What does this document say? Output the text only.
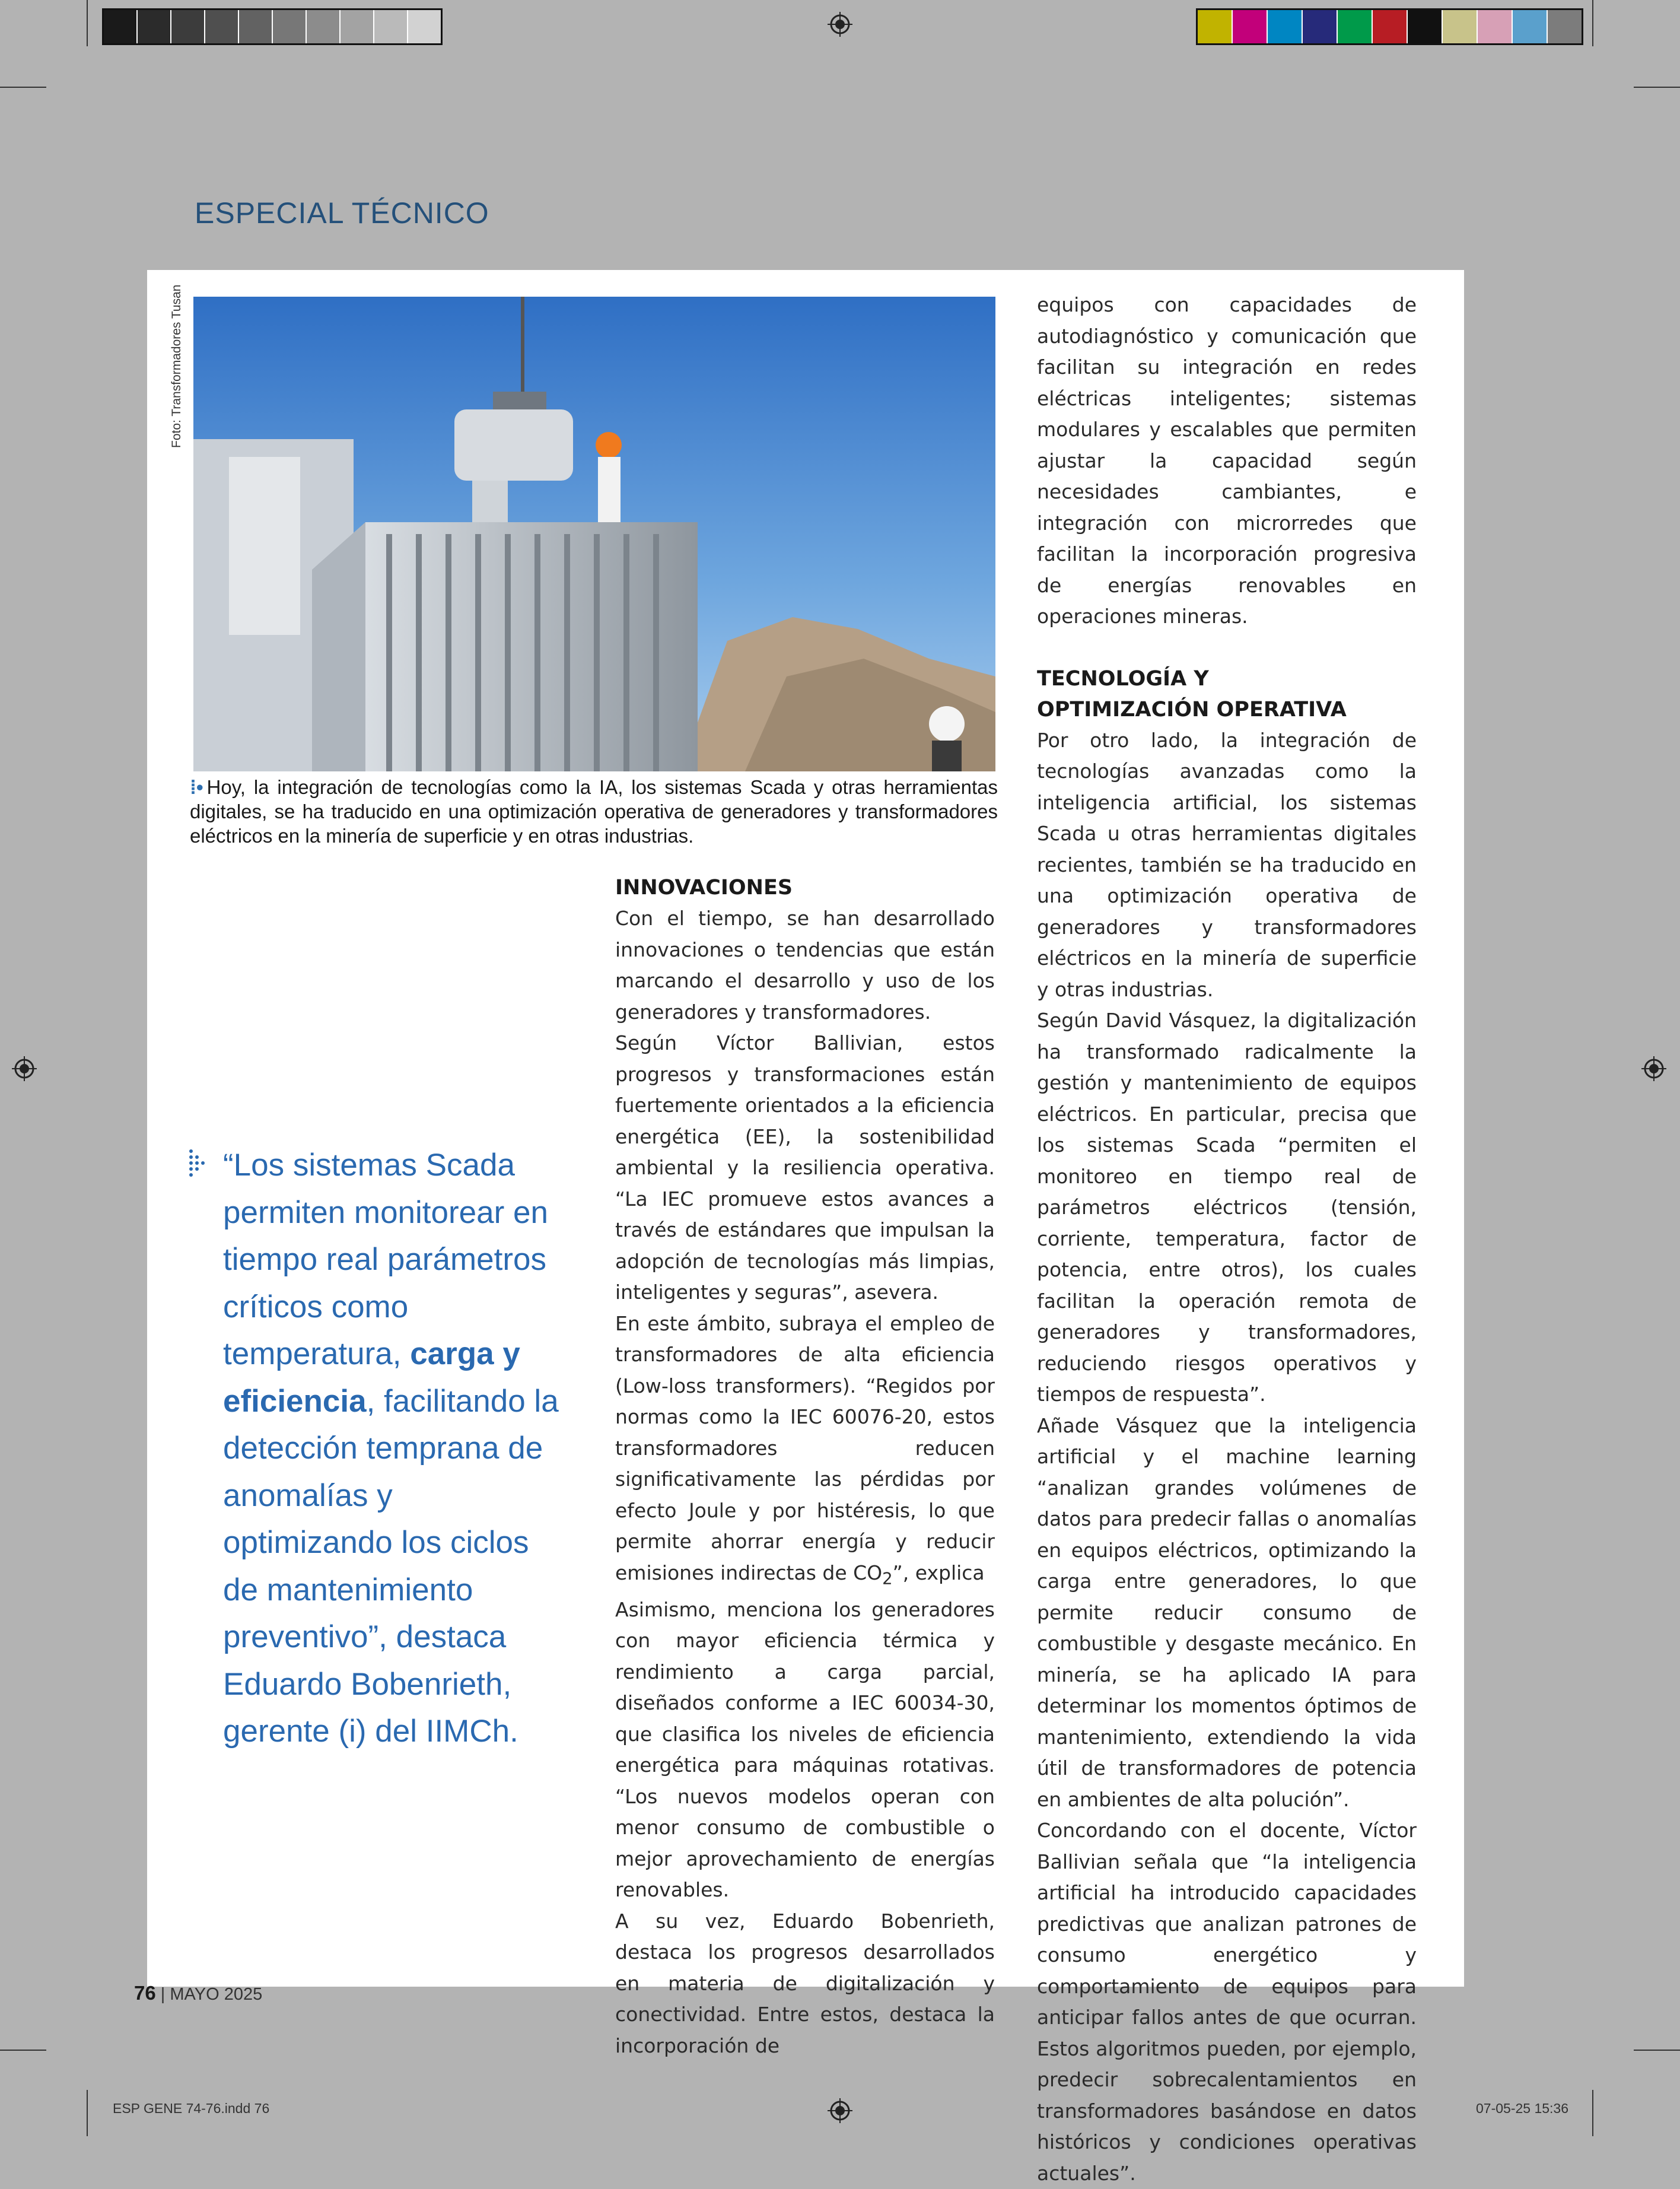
ESPECIAL TÉCNICO
Foto: Transformadores Tusan
⁞• Hoy, la integración de tecnologías como la IA, los sistemas Scada y otras herramientas digitales, se ha traducido en una optimización operativa de generadores y transformadores eléctricos en la minería de superficie y en otras industrias.
“Los sistemas Scada permiten monitorear en tiempo real parámetros críticos como temperatura, carga y eficiencia, facilitando la detección temprana de anomalías y optimizando los ciclos de mantenimiento preventivo”, destaca Eduardo Bobenrieth, gerente (i) del IIMCh.
INNOVACIONES

Con el tiempo, se han desarrollado innovaciones o tendencias que están marcando el desarrollo y uso de los generadores y transformadores.

Según Víctor Ballivian, estos progresos y transformaciones están fuertemente orientados a la eficiencia energética (EE), la sostenibilidad ambiental y la resiliencia operativa. “La IEC promueve estos avances a través de estándares que impulsan la adopción de tecnologías más limpias, inteligentes y seguras”, asevera.

En este ámbito, subraya el empleo de transformadores de alta eficiencia (Low-loss transformers). “Regidos por normas como la IEC 60076-20, estos transformadores reducen significativamente las pérdidas por efecto Joule y por histéresis, lo que permite ahorrar energía y reducir emisiones indirectas de $CO_2$”, explica

Asimismo, menciona los generadores con mayor eficiencia térmica y rendimiento a carga parcial, diseñados conforme a IEC 60034-30, que clasifica los niveles de eficiencia energética para máquinas rotativas. “Los nuevos modelos operan con menor consumo de combustible o mejor aprovechamiento de energías renovables.

A su vez, Eduardo Bobenrieth, destaca los progresos desarrollados en materia de digitalización y conectividad. Entre estos, destaca la incorporación de

equipos con capacidades de autodiagnóstico y comunicación que facilitan su integración en redes eléctricas inteligentes; sistemas modulares y escalables que permiten ajustar la capacidad según necesidades cambiantes, e integración con microrredes que facilitan la incorporación progresiva de energías renovables en operaciones mineras.

TECNOLOGÍA Y
OPTIMIZACIÓN OPERATIVA

Por otro lado, la integración de tecnologías avanzadas como la inteligencia artificial, los sistemas Scada u otras herramientas digitales recientes, también se ha traducido en una optimización operativa de generadores y transformadores eléctricos en la minería de superficie y otras industrias.

Según David Vásquez, la digitalización ha transformado radicalmente la gestión y mantenimiento de equipos eléctricos. En particular, precisa que los sistemas Scada “permiten el monitoreo en tiempo real de parámetros eléctricos (tensión, corriente, temperatura, factor de potencia, entre otros), los cuales facilitan la operación remota de generadores y transformadores, reduciendo riesgos operativos y tiempos de respuesta”.

Añade Vásquez que la inteligencia artificial y el machine learning “analizan grandes volúmenes de datos para predecir fallas o anomalías en equipos eléctricos, optimizando la carga entre generadores, lo que permite reducir consumo de combustible y desgaste mecánico. En minería, se ha aplicado IA para determinar los momentos óptimos de mantenimiento, extendiendo la vida útil de transformadores de potencia en ambientes de alta polución”.

Concordando con el docente, Víctor Ballivian señala que “la inteligencia artificial ha introducido capacidades predictivas que analizan patrones de consumo energético y comportamiento de equipos para anticipar fallos antes de que ocurran. Estos algoritmos pueden, por ejemplo, predecir sobrecalentamientos en transformadores basándose en datos históricos y condiciones operativas actuales”.

76 | MAYO 2025
ESP GENE 74-76.indd 76	07-05-25 15:36
